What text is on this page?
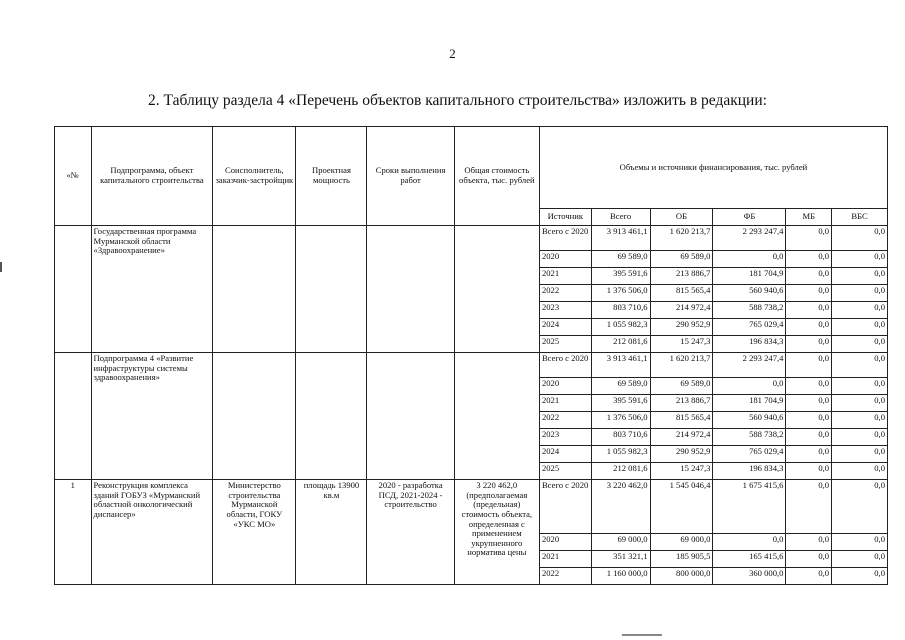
2
2. Таблицу раздела 4 «Перечень объектов капитального строительства» изложить в редакции:
«№	Подпрограмма, объект капитального строительства	Соисполнитель, заказчик-застройщик	Проектная мощность	Сроки выполнения работ	Общая стоимость объекта, тыс. рублей	Объемы и источники финансирования, тыс. рублей					
						Источник	Всего	ОБ	ФБ	МБ	ВБС
	Государственная программа Мурманской области «Здравоохранение»					Всего с 2020	3 913 461,1	1 620 213,7	2 293 247,4	0,0	0,0
						2020	69 589,0	69 589,0	0,0	0,0	0,0
						2021	395 591,6	213 886,7	181 704,9	0,0	0,0
						2022	1 376 506,0	815 565,4	560 940,6	0,0	0,0
						2023	803 710,6	214 972,4	588 738,2	0,0	0,0
						2024	1 055 982,3	290 952,9	765 029,4	0,0	0,0
						2025	212 081,6	15 247,3	196 834,3	0,0	0,0
	Подпрограмма 4 «Развитие инфраструктуры системы здравоохранения»					Всего с 2020	3 913 461,1	1 620 213,7	2 293 247,4	0,0	0,0
						2020	69 589,0	69 589,0	0,0	0,0	0,0
						2021	395 591,6	213 886,7	181 704,9	0,0	0,0
						2022	1 376 506,0	815 565,4	560 940,6	0,0	0,0
						2023	803 710,6	214 972,4	588 738,2	0,0	0,0
						2024	1 055 982,3	290 952,9	765 029,4	0,0	0,0
						2025	212 081,6	15 247,3	196 834,3	0,0	0,0
1	Реконструкция комплекса зданий ГОБУЗ «Мурманский областной онкологический диспансер»	Министерство строительства Мурманской области, ГОКУ «УКС МО»	площадь 13900 кв.м	2020 - разработка ПСД, 2021-2024 - строительство	3 220 462,0 (предполагаемая (предельная) стоимость объекта, определенная с применением укрупненного норматива цены	Всего с 2020	3 220 462,0	1 545 046,4	1 675 415,6	0,0	0,0
						2020	69 000,0	69 000,0	0,0	0,0	0,0
						2021	351 321,1	185 905,5	165 415,6	0,0	0,0
						2022	1 160 000,0	800 000,0	360 000,0	0,0	0,0
